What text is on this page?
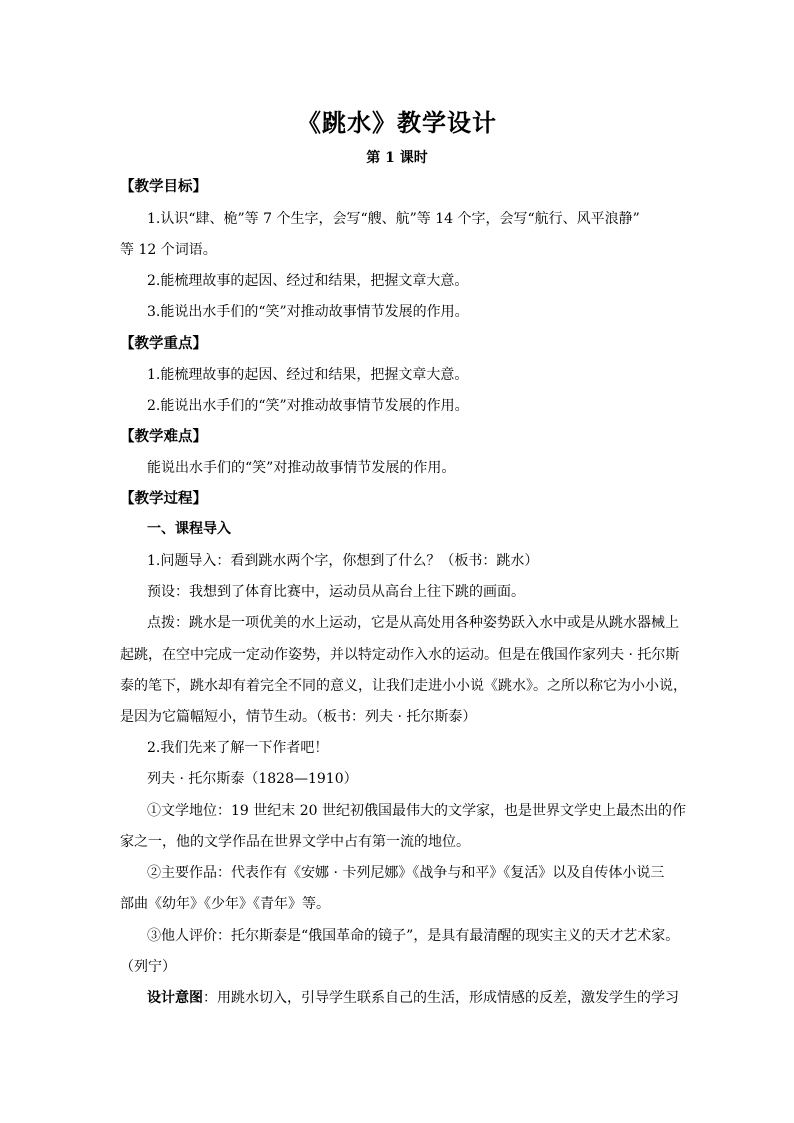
《跳水》教学设计
第 1 课时
【教学目标】
1.认识“肆、桅”等 7 个生字，会写“艘、航”等 14 个字，会写“航行、风平浪静”
等 12 个词语。
2.能梳理故事的起因、经过和结果，把握文章大意。
3.能说出水手们的“笑”对推动故事情节发展的作用。
【教学重点】
1.能梳理故事的起因、经过和结果，把握文章大意。
2.能说出水手们的“笑”对推动故事情节发展的作用。
【教学难点】
能说出水手们的“笑”对推动故事情节发展的作用。
【教学过程】
一、课程导入
1.问题导入：看到跳水两个字，你想到了什么？（板书：跳水）
预设：我想到了体育比赛中，运动员从高台上往下跳的画面。
点拨：跳水是一项优美的水上运动，它是从高处用各种姿势跃入水中或是从跳水器械上
起跳，在空中完成一定动作姿势，并以特定动作入水的运动。但是在俄国作家列夫 · 托尔斯
泰的笔下，跳水却有着完全不同的意义，让我们走进小小说《跳水》。之所以称它为小小说，
是因为它篇幅短小，情节生动。（板书：列夫 · 托尔斯泰）
2.我们先来了解一下作者吧！
列夫 · 托尔斯泰（1828—1910）
①文学地位：19 世纪末 20 世纪初俄国最伟大的文学家，也是世界文学史上最杰出的作
家之一，他的文学作品在世界文学中占有第一流的地位。
②主要作品：代表作有《安娜 · 卡列尼娜》《战争与和平》《复活》以及自传体小说三
部曲《幼年》《少年》《青年》等。
③他人评价：托尔斯泰是“俄国革命的镜子”，是具有最清醒的现实主义的天才艺术家。
（列宁）
设计意图：用跳水切入，引导学生联系自己的生活，形成情感的反差，激发学生的学习
